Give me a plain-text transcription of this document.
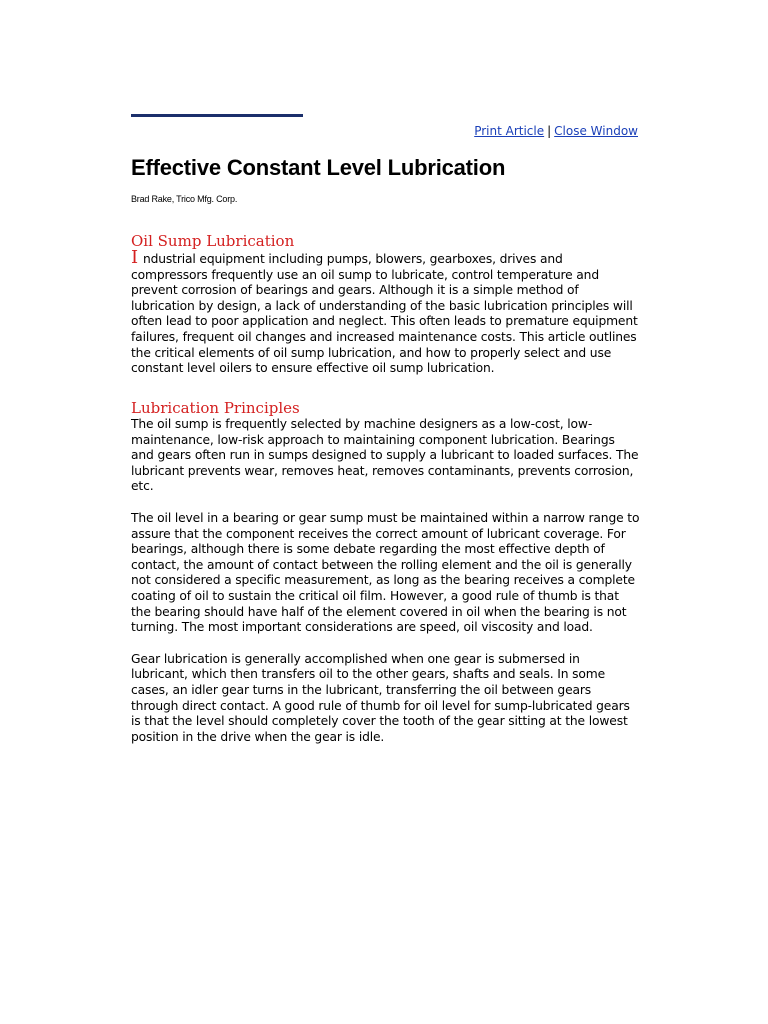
Print Article | Close Window
Effective Constant Level Lubrication

Brad Rake, Trico Mfg. Corp.

Oil Sump Lubrication

I ndustrial equipment including pumps, blowers, gearboxes, drives and compressors frequently use an oil sump to lubricate, control temperature and prevent corrosion of bearings and gears. Although it is a simple method of lubrication by design, a lack of understanding of the basic lubrication principles will often lead to poor application and neglect. This often leads to premature equipment failures, frequent oil changes and increased maintenance costs. This article outlines the critical elements of oil sump lubrication, and how to properly select and use constant level oilers to ensure effective oil sump lubrication.

Lubrication Principles

The oil sump is frequently selected by machine designers as a low-cost, low-maintenance, low-risk approach to maintaining component lubrication. Bearings and gears often run in sumps designed to supply a lubricant to loaded surfaces. The lubricant prevents wear, removes heat, removes contaminants, prevents corrosion, etc.

The oil level in a bearing or gear sump must be maintained within a narrow range to assure that the component receives the correct amount of lubricant coverage. For bearings, although there is some debate regarding the most effective depth of contact, the amount of contact between the rolling element and the oil is generally not considered a specific measurement, as long as the bearing receives a complete coating of oil to sustain the critical oil film. However, a good rule of thumb is that the bearing should have half of the element covered in oil when the bearing is not turning. The most important considerations are speed, oil viscosity and load.

Gear lubrication is generally accomplished when one gear is submersed in lubricant, which then transfers oil to the other gears, shafts and seals. In some cases, an idler gear turns in the lubricant, transferring the oil between gears through direct contact. A good rule of thumb for oil level for sump-lubricated gears is that the level should completely cover the tooth of the gear sitting at the lowest position in the drive when the gear is idle.
